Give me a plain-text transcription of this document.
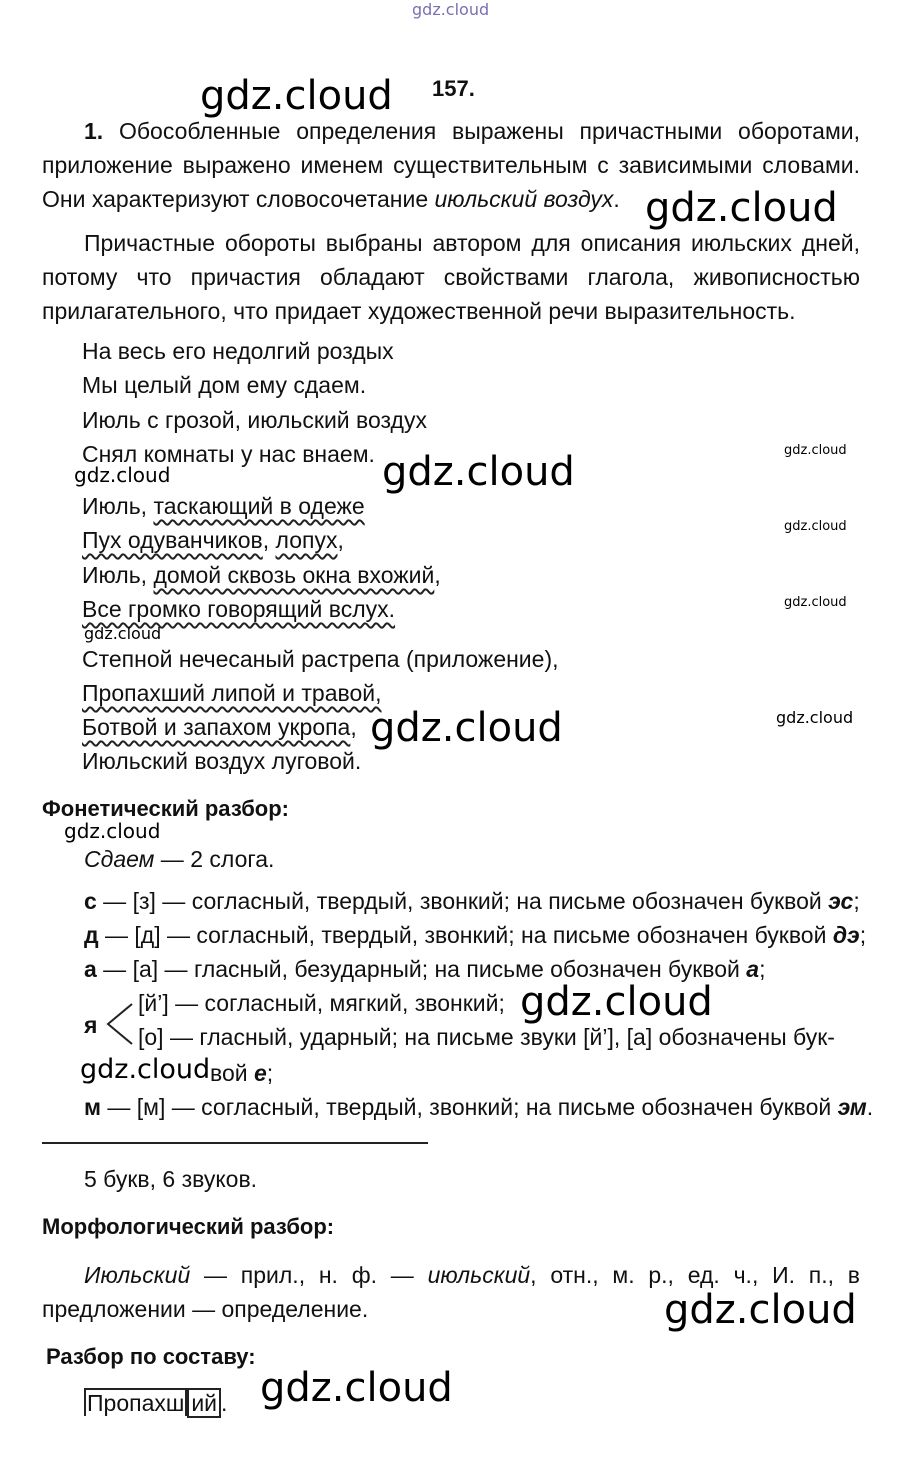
gdz.cloud
gdz.cloud 157.
1. Обособленные определения выражены причастными оборотами, приложение выражено именем существительным с зависимыми словами. Они характеризуют словосочетание июльский воздух. gdz.cloud
Причастные обороты выбраны автором для описания июльских дней, потому что причастия обладают свойствами глагола, живописностью прилагательного, что придает художественной речи выразительность.
На весь его недолгий роздых
Мы целый дом ему сдаем.
Июль с грозой, июльский воздух
Снял комнаты у нас внаем. gdz.cloud
gdz.cloud
gdz.cloud
Июль, таскающий в одеже
gdz.cloud
Пух одуванчиков, лопух,
Июль, домой сквозь окна вхожий,
Все громко говорящий вслух.	gdz.cloud
gdz.cloud
Степной нечесаный растрепа (приложение),
Пропахший липой и травой,
Ботвой и запахом укропа, gdz.cloud	gdz.cloud
Июльский воздух луговой.
Фонетический разбор:
gdz.cloud
Сдаем — 2 слога.
с — [з] — согласный, твердый, звонкий; на письме обозначен буквой эс;
д — [д] — согласный, твердый, звонкий; на письме обозначен буквой дэ;
а — [а] — гласный, безударный; на письме обозначен буквой а;
я
[й’] — согласный, мягкий, звонкий; gdz.cloud
[о] — гласный, ударный; на письме звуки [й’], [а] обозначены бук-
gdz.cloud вой е;
м — [м] — согласный, твердый, звонкий; на письме обозначен буквой эм.
5 букв, 6 звуков.
Морфологический разбор:
Июльский — прил., н. ф. — июльский, отн., м. р., ед. ч., И. п., в предложении — определение.	gdz.cloud
Разбор по составу:
Пропахш ий . gdz.cloud
